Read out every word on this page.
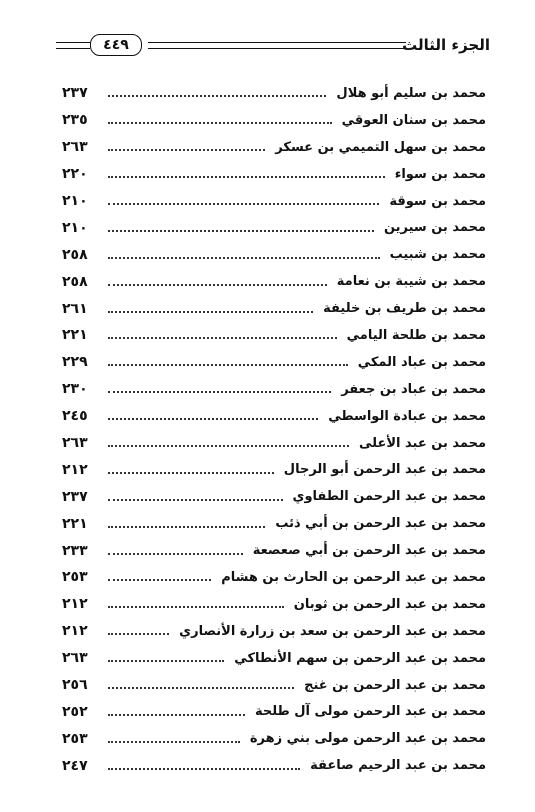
٤٤٩	الجزء الثالث
محمد بن سليم أبو هلال
٢٣٧
محمد بن سنان العوقي
٢٣٥
محمد بن سهل التميمي بن عسكر
٢٦٣
محمد بن سواء
٢٢٠
محمد بن سوقة
٢١٠
محمد بن سيرين
٢١٠
محمد بن شبيب
٢٥٨
محمد بن شيبة بن نعامة
٢٥٨
محمد بن طريف بن خليفة
٢٦١
محمد بن طلحة اليامي
٢٢١
محمد بن عباد المكي
٢٢٩
محمد بن عباد بن جعفر
٢٣٠
محمد بن عبادة الواسطي
٢٤٥
محمد بن عبد الأعلى
٢٦٣
محمد بن عبد الرحمن أبو الرجال
٢١٢
محمد بن عبد الرحمن الطفاوي
٢٣٧
محمد بن عبد الرحمن بن أبي ذئب
٢٢١
محمد بن عبد الرحمن بن أبي صعصعة
٢٣٣
محمد بن عبد الرحمن بن الحارث بن هشام
٢٥٣
محمد بن عبد الرحمن بن ثوبان
٢١٢
محمد بن عبد الرحمن بن سعد بن زرارة الأنصاري
٢١٢
محمد بن عبد الرحمن بن سهم الأنطاكي
٢٦٣
محمد بن عبد الرحمن بن غنج
٢٥٦
محمد بن عبد الرحمن مولى آل طلحة
٢٥٢
محمد بن عبد الرحمن مولى بني زهرة
٢٥٣
محمد بن عبد الرحيم صاعقة
٢٤٧
